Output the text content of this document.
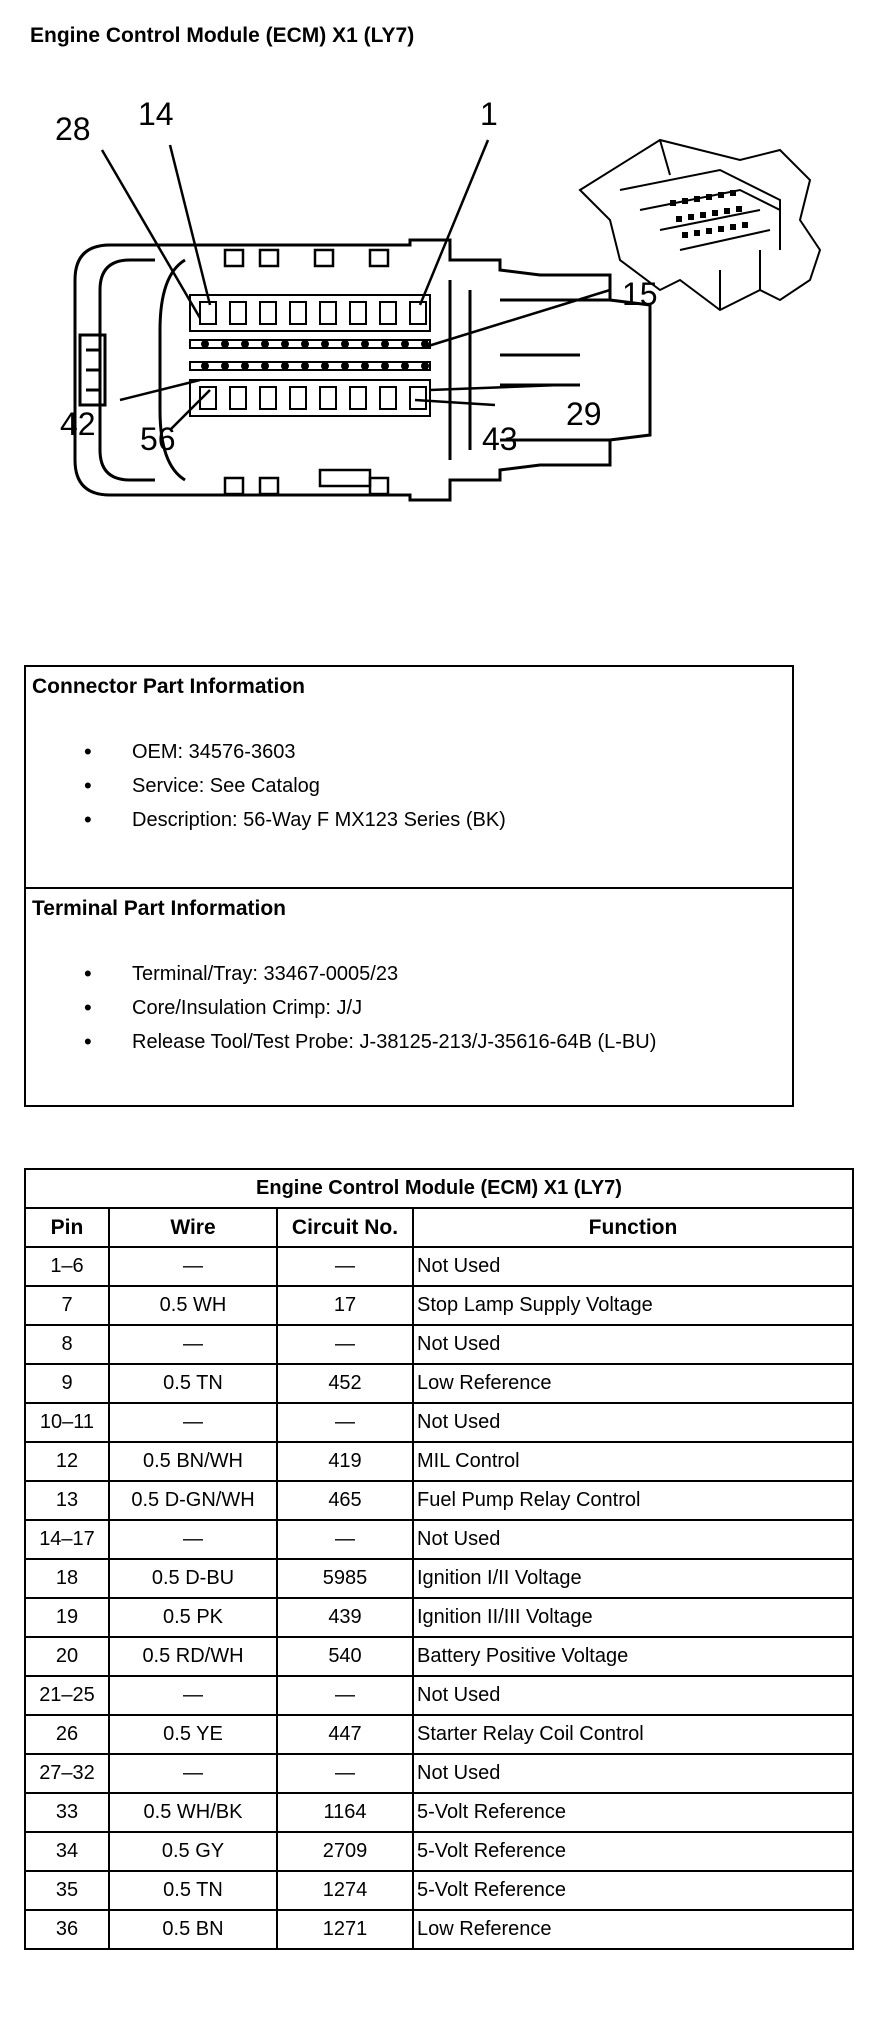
Engine Control Module (ECM) X1 (LY7)
28 14	1
15
29
43
56
42
Connector Part Information
• OEM: 34576-3603
• Service: See Catalog
• Description: 56-Way F MX123 Series (BK)
Terminal Part Information
• Terminal/Tray: 33467-0005/23
• Core/Insulation Crimp: J/J
• Release Tool/Test Probe: J-38125-213/J-35616-64B (L-BU)
Engine Control Module (ECM) X1 (LY7)			
Pin	Wire	Circuit No.	Function
1–6	—	—	Not Used
7	0.5 WH	17	Stop Lamp Supply Voltage
8	—	—	Not Used
9	0.5 TN	452	Low Reference
10–11	—	—	Not Used
12	0.5 BN/WH	419	MIL Control
13	0.5 D-GN/WH	465	Fuel Pump Relay Control
14–17	—	—	Not Used
18	0.5 D-BU	5985	Ignition I/II Voltage
19	0.5 PK	439	Ignition II/III Voltage
20	0.5 RD/WH	540	Battery Positive Voltage
21–25	—	—	Not Used
26	0.5 YE	447	Starter Relay Coil Control
27–32	—	—	Not Used
33	0.5 WH/BK	1164	5-Volt Reference
34	0.5 GY	2709	5-Volt Reference
35	0.5 TN	1274	5-Volt Reference
36	0.5 BN	1271	Low Reference
